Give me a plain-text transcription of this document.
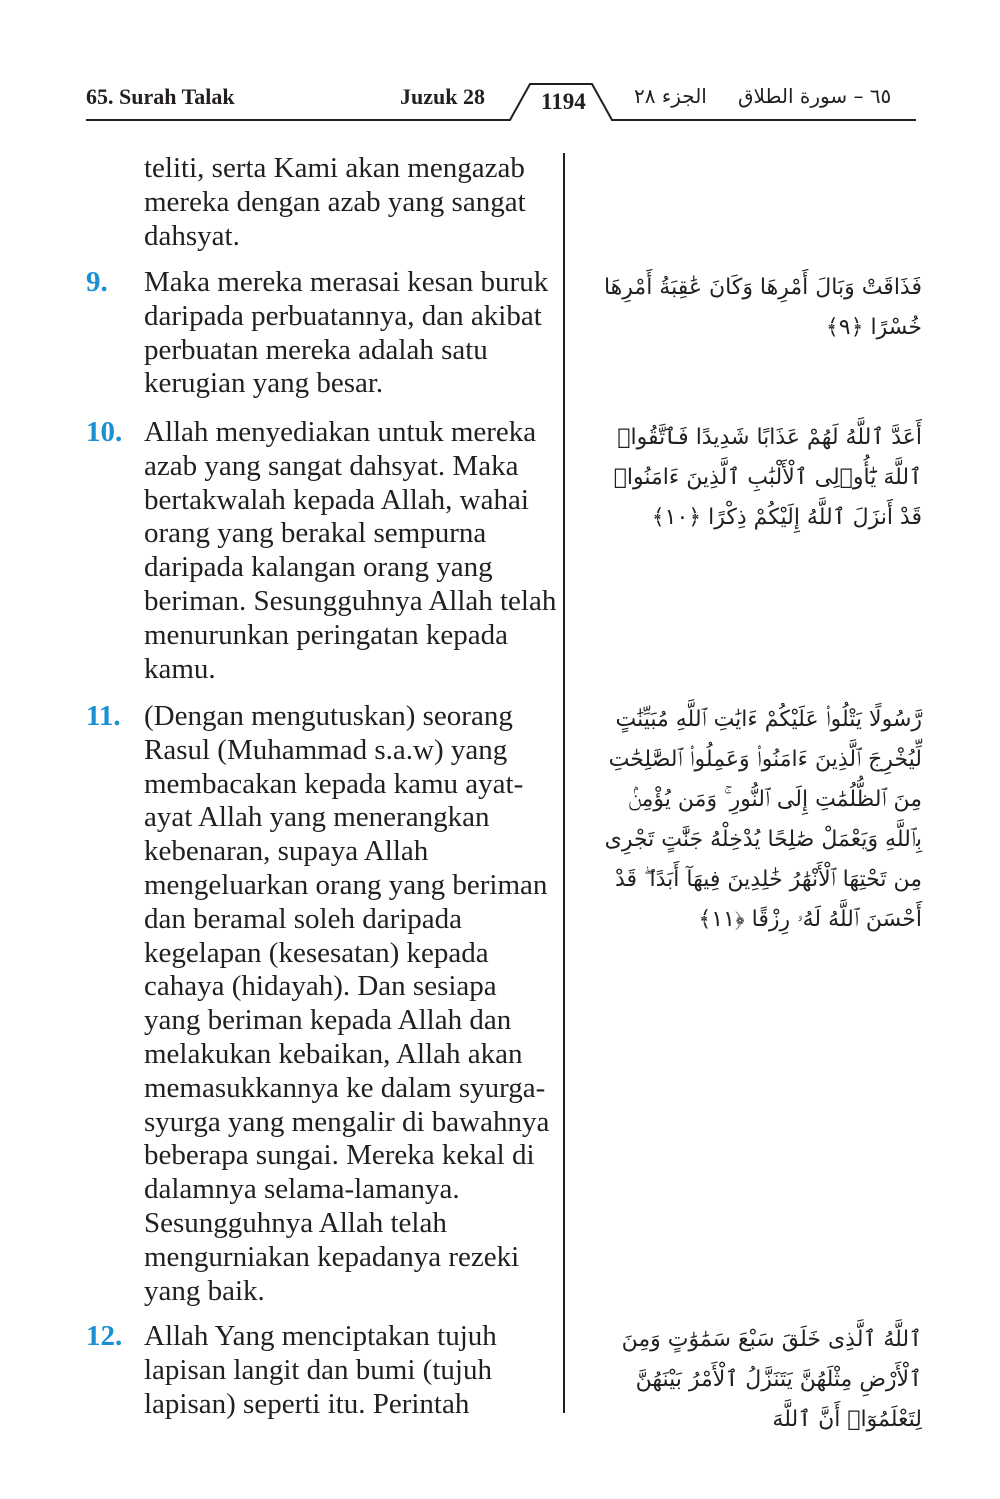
65. Surah Talak	Juzuk 28 1194 الجزء ٢٨ ٦٥ – سورة الطلاق

teliti, serta Kami akan mengazab mereka dengan azab yang sangat dahsyat.

9. Maka mereka merasai kesan buruk daripada perbuatannya, dan akibat perbuatan mereka adalah satu kerugian yang besar.

فَذَاقَتْ وَبَالَ أَمْرِهَا وَكَانَ عَٰقِبَةُ أَمْرِهَا خُسْرًا ﴿٩﴾

10. Allah menyediakan untuk mereka azab yang sangat dahsyat. Maka bertakwalah kepada Allah, wahai orang yang berakal sempurna daripada kalangan orang yang beriman. Sesungguhnya Allah telah menurunkan peringatan kepada kamu.

أَعَدَّ ٱللَّهُ لَهُمْ عَذَابًا شَدِيدًا فَٱتَّقُوا۟ ٱللَّهَ يَٰٓأُو۟لِى ٱلْأَلْبَٰبِ ٱلَّذِينَ ءَامَنُوا۟ قَدْ أَنزَلَ ٱللَّهُ إِلَيْكُمْ ذِكْرًا ﴿١٠﴾

11. (Dengan mengutuskan) seorang Rasul (Muhammad s.a.w) yang membacakan kepada kamu ayat-ayat Allah yang menerangkan kebenaran, supaya Allah mengeluarkan orang yang beriman dan beramal soleh daripada kegelapan (kesesatan) kepada cahaya (hidayah). Dan sesiapa yang beriman kepada Allah dan melakukan kebaikan, Allah akan memasukkannya ke dalam syurga-syurga yang mengalir di bawahnya beberapa sungai. Mereka kekal di dalamnya selama-lamanya. Sesungguhnya Allah telah mengurniakan kepadanya rezeki yang baik.

رَّسُولًا يَتْلُوا۟ عَلَيْكُمْ ءَايَٰتِ ٱللَّهِ مُبَيِّنَٰتٍ لِّيُخْرِجَ ٱلَّذِينَ ءَامَنُوا۟ وَعَمِلُوا۟ ٱلصَّٰلِحَٰتِ مِنَ ٱلظُّلُمَٰتِ إِلَى ٱلنُّورِ ۚ وَمَن يُؤْمِنۢ بِٱللَّهِ وَيَعْمَلْ صَٰلِحًا يُدْخِلْهُ جَنَّٰتٍ تَجْرِى مِن تَحْتِهَا ٱلْأَنْهَٰرُ خَٰلِدِينَ فِيهَآ أَبَدًا ۖ قَدْ أَحْسَنَ ٱللَّهُ لَهُۥ رِزْقًا ﴿١١﴾

12. Allah Yang menciptakan tujuh lapisan langit dan bumi (tujuh lapisan) seperti itu. Perintah

ٱللَّهُ ٱلَّذِى خَلَقَ سَبْعَ سَمَٰوَٰتٍ وَمِنَ ٱلْأَرْضِ مِثْلَهُنَّ يَتَنَزَّلُ ٱلْأَمْرُ بَيْنَهُنَّ لِتَعْلَمُوٓا۟ أَنَّ ٱللَّهَ
